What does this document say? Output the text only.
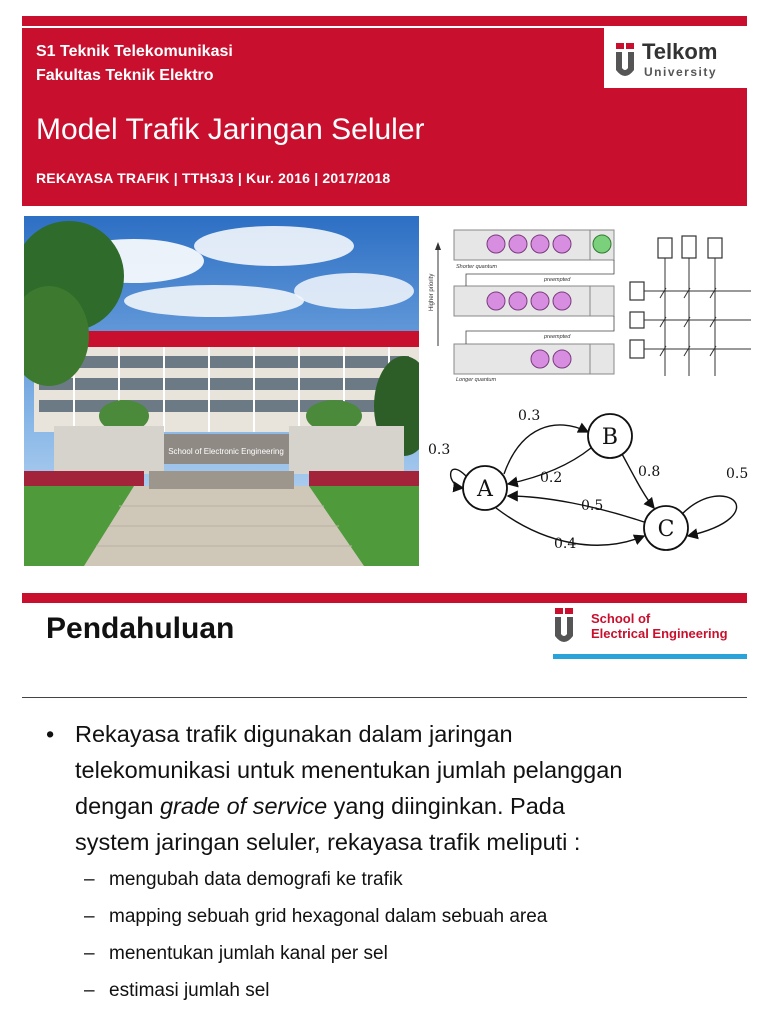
S1 Teknik Telekomunikasi
Fakultas Teknik Elektro
Model Trafik Jaringan Seluler
REKAYASA TRAFIK | TTH3J3 | Kur. 2016 | 2017/2018
Telkom
University
School of Electronic Engineering
Higher priority
Shorter quantum
preempted
preempted
Longer quantum
A
B
C
0.3
0.3
0.2	0.8	0.5
0.5
0.4
Pendahuluan	School of
Electrical Engineering
• Rekayasa trafik digunakan dalam jaringan
telekomunikasi untuk menentukan jumlah pelanggan
dengan grade of service yang diinginkan. Pada
system jaringan seluler, rekayasa trafik meliputi :
– mengubah data demografi ke trafik
– mapping sebuah grid hexagonal dalam sebuah area
– menentukan jumlah kanal per sel
– estimasi jumlah sel
